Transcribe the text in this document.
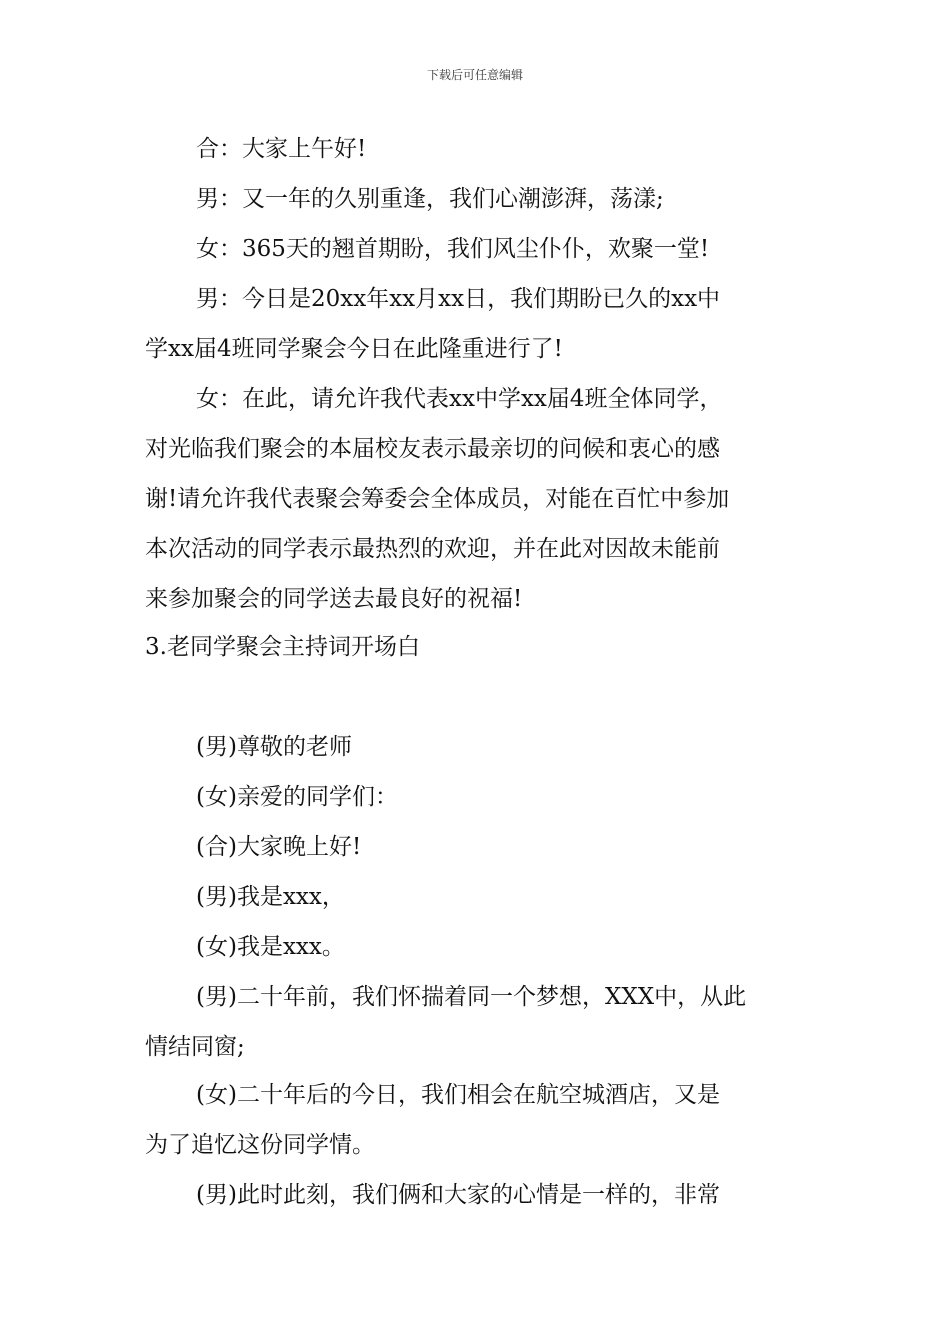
下载后可任意编辑
合：大家上午好!
男：又一年的久别重逢，我们心潮澎湃，荡漾;
女：365天的翘首期盼，我们风尘仆仆，欢聚一堂!
男：今日是20xx年xx月xx日，我们期盼已久的xx中
学xx届4班同学聚会今日在此隆重进行了!
女：在此，请允许我代表xx中学xx届4班全体同学，
对光临我们聚会的本届校友表示最亲切的问候和衷心的感
谢!请允许我代表聚会筹委会全体成员，对能在百忙中参加
本次活动的同学表示最热烈的欢迎，并在此对因故未能前
来参加聚会的同学送去最良好的祝福!
3.老同学聚会主持词开场白
(男)尊敬的老师
(女)亲爱的同学们：
(合)大家晚上好!
(男)我是xxx，
(女)我是xxx。
(男)二十年前，我们怀揣着同一个梦想，XXX中，从此
情结同窗;
(女)二十年后的今日，我们相会在航空城酒店，又是
为了追忆这份同学情。
(男)此时此刻，我们俩和大家的心情是一样的，非常
